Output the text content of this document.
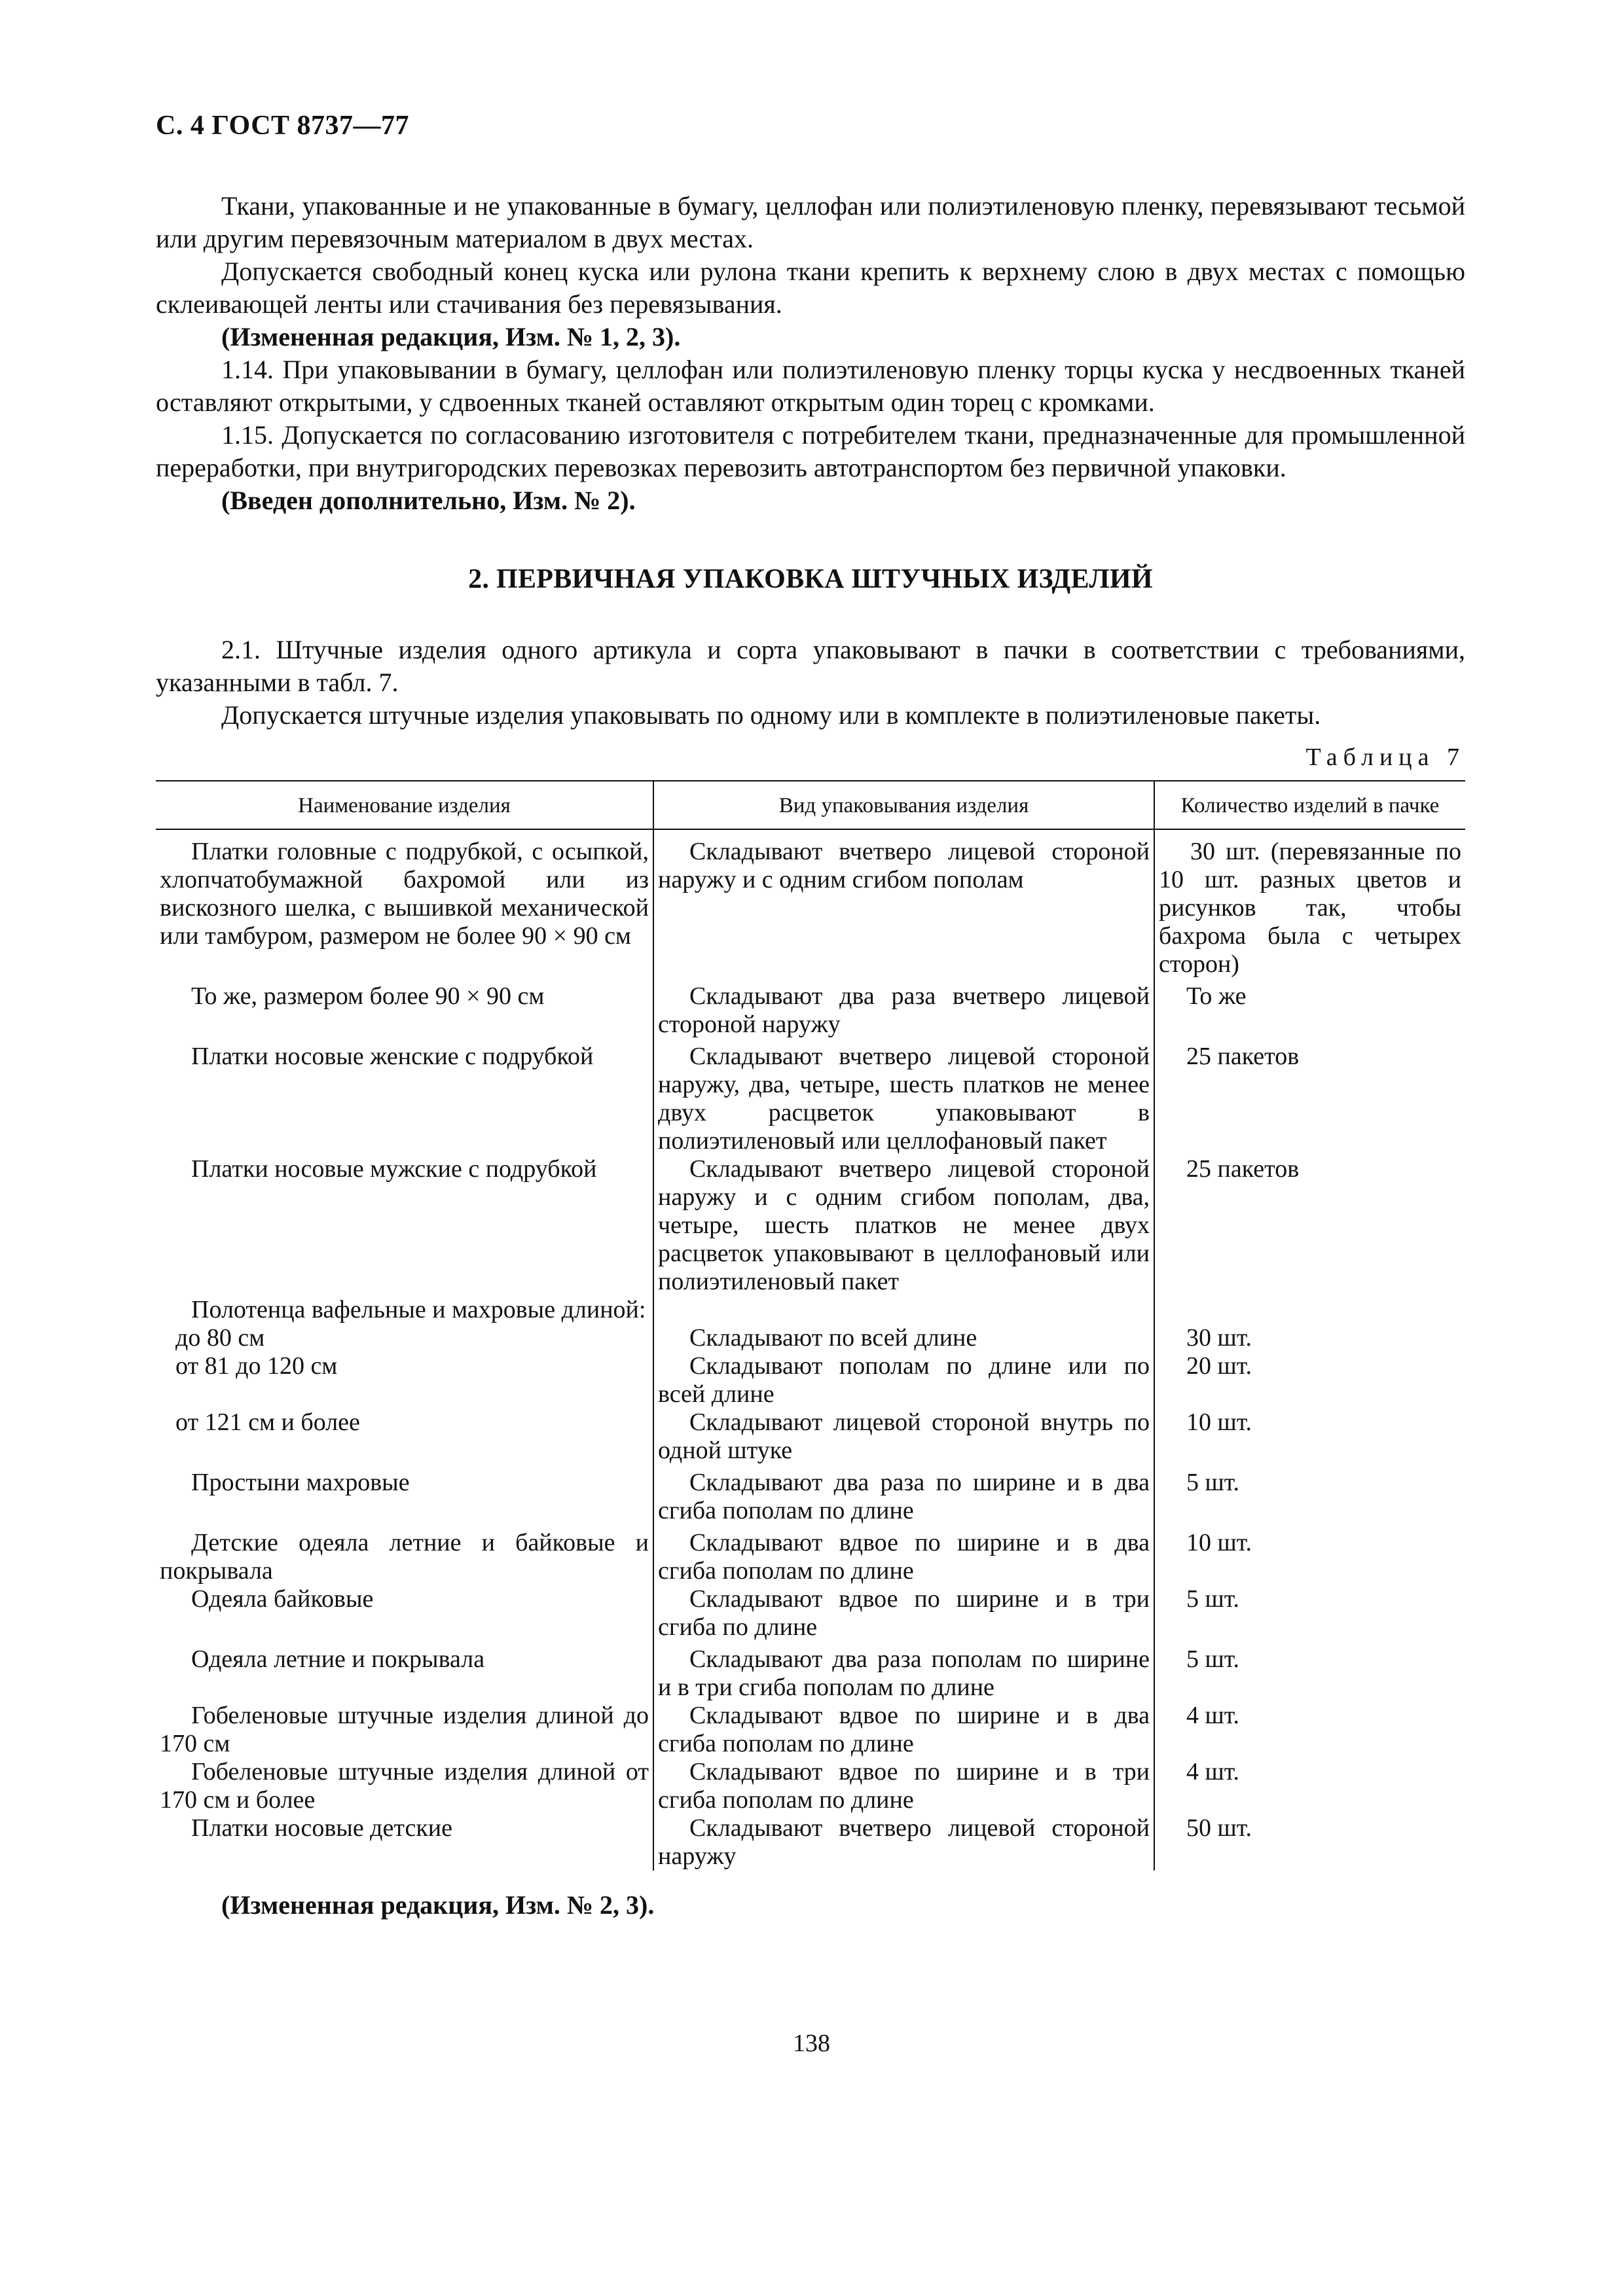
С. 4 ГОСТ 8737—77

Ткани, упакованные и не упакованные в бумагу, целлофан или полиэтиленовую пленку, перевязывают тесьмой или другим перевязочным материалом в двух местах.

Допускается свободный конец куска или рулона ткани крепить к верхнему слою в двух местах с помощью склеивающей ленты или стачивания без перевязывания.

(Измененная редакция, Изм. № 1, 2, 3).

1.14. При упаковывании в бумагу, целлофан или полиэтиленовую пленку торцы куска у несдвоенных тканей оставляют открытыми, у сдвоенных тканей оставляют открытым один торец с кромками.

1.15. Допускается по согласованию изготовителя с потребителем ткани, предназначенные для промышленной переработки, при внутригородских перевозках перевозить автотранспортом без первичной упаковки.

(Введен дополнительно, Изм. № 2).

2. ПЕРВИЧНАЯ УПАКОВКА ШТУЧНЫХ ИЗДЕЛИЙ

2.1. Штучные изделия одного артикула и сорта упаковывают в пачки в соответствии с требованиями, указанными в табл. 7.

Допускается штучные изделия упаковывать по одному или в комплекте в полиэтиленовые пакеты.

Таблица 7
Наименование изделия	Вид упаковывания изделия	Количество изделий в пачке
Платки головные с подрубкой, с осыпкой, хлопчатобумажной бахромой или из вискозного шелка, с вышивкой механической или тамбуром, размером не более 90 × 90 см	Складывают вчетверо лицевой стороной наружу и с одним сгибом пополам	30 шт. (перевязанные по 10 шт. разных цветов и рисунков так, чтобы бахрома была с четырех сторон)
То же, размером более 90 × 90 см	Складывают два раза вчетверо лицевой стороной наружу	То же
Платки носовые женские с подрубкой	Складывают вчетверо лицевой стороной наружу, два, четыре, шесть платков не менее двух расцветок упаковывают в полиэтиленовый или целлофановый пакет	25 пакетов
Платки носовые мужские с подрубкой	Складывают вчетверо лицевой стороной наружу и с одним сгибом пополам, два, четыре, шесть платков не менее двух расцветок упаковывают в целлофановый или полиэтиленовый пакет	25 пакетов
Полотенца вафельные и махровые длиной:		
до 80 см	Складывают по всей длине	30 шт.
от 81 до 120 см	Складывают пополам по длине или по всей длине	20 шт.
от 121 см и более	Складывают лицевой стороной внутрь по одной штуке	10 шт.
Простыни махровые	Складывают два раза по ширине и в два сгиба пополам по длине	5 шт.
Детские одеяла летние и байковые и покрывала	Складывают вдвое по ширине и в два сгиба пополам по длине	10 шт.
Одеяла байковые	Складывают вдвое по ширине и в три сгиба по длине	5 шт.
Одеяла летние и покрывала	Складывают два раза пополам по ширине и в три сгиба пополам по длине	5 шт.
Гобеленовые штучные изделия длиной до 170 см	Складывают вдвое по ширине и в два сгиба пополам по длине	4 шт.
Гобеленовые штучные изделия длиной от 170 см и более	Складывают вдвое по ширине и в три сгиба пополам по длине	4 шт.
Платки носовые детские	Складывают вчетверо лицевой стороной наружу	50 шт.
(Измененная редакция, Изм. № 2, 3).
138
